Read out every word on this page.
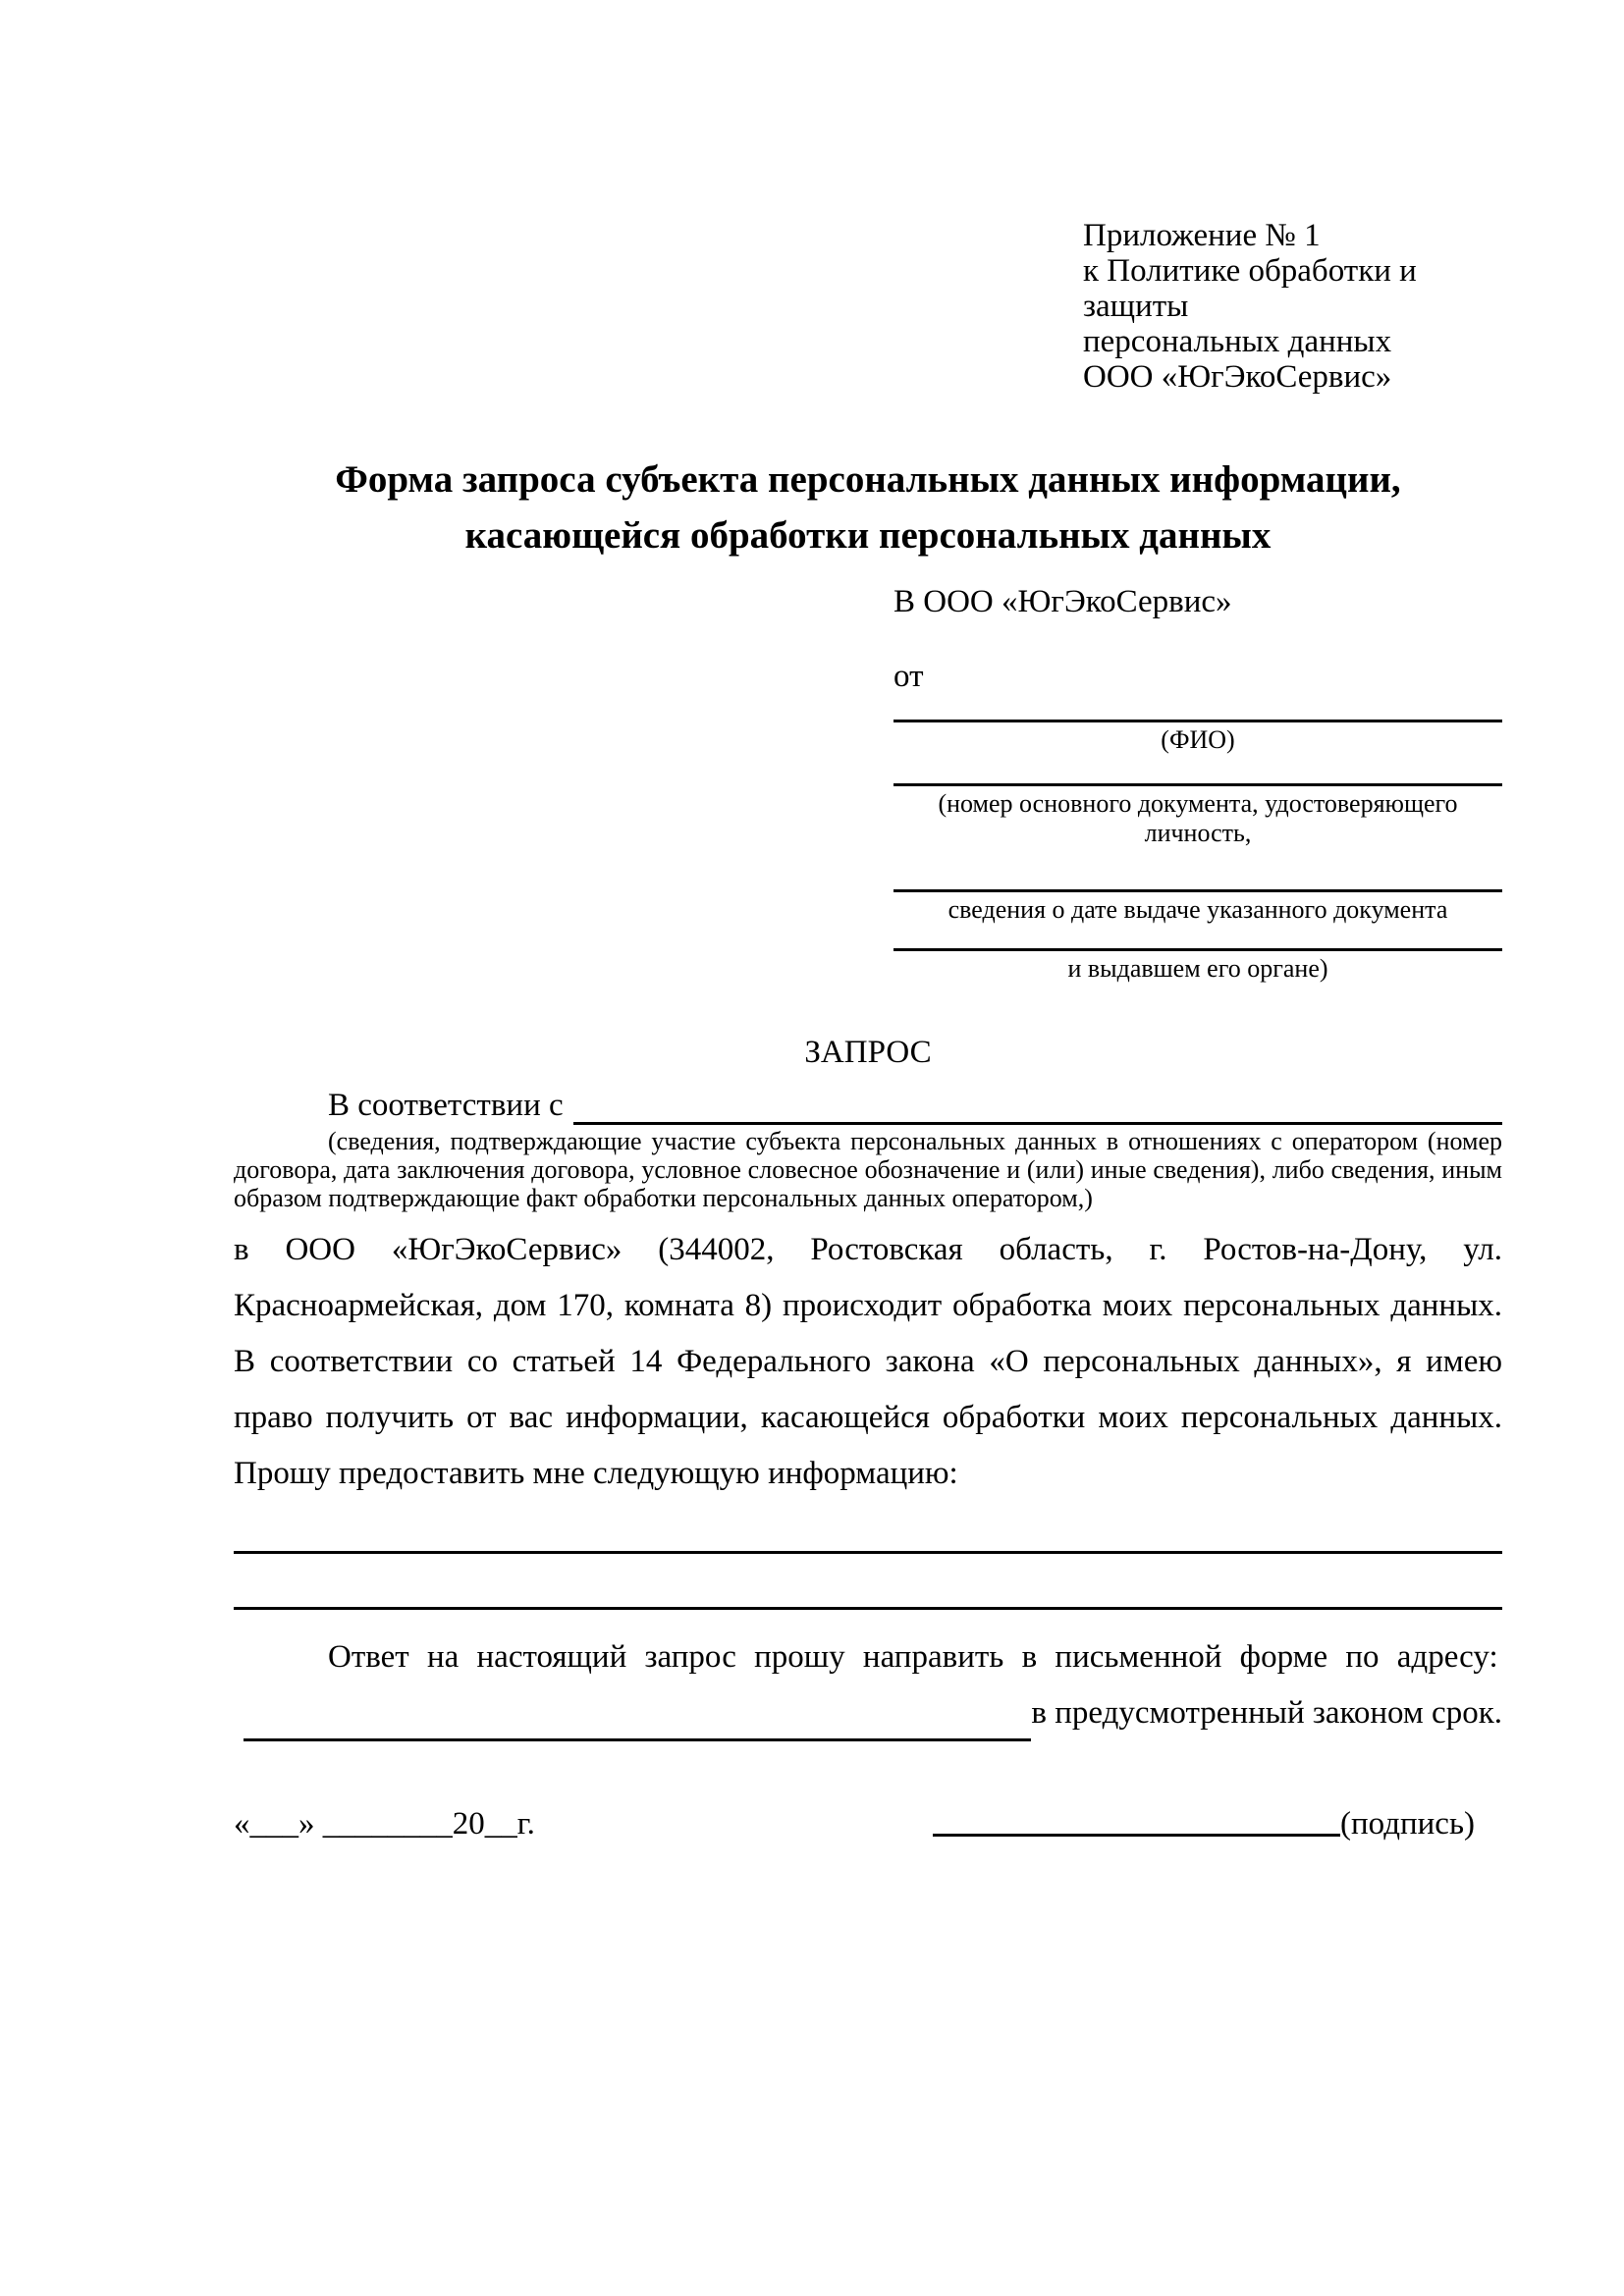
Приложение № 1
к Политике обработки и защиты
персональных данных
ООО «ЮгЭкоСервис»
Форма запроса субъекта персональных данных информации,
касающейся обработки персональных данных
В ООО «ЮгЭкоСервис»
от
(ФИО)
(номер основного документа, удостоверяющего личность,
сведения о дате выдаче указанного документа
и выдавшем его органе)
ЗАПРОС
В соответствии с

(сведения, подтверждающие участие субъекта персональных данных в отношениях с оператором (номер договора, дата заключения договора, условное словесное обозначение и (или) иные сведения), либо сведения, иным образом подтверждающие факт обработки персональных данных оператором,)

в ООО «ЮгЭкоСервис» (344002, Ростовская область, г. Ростов-на-Дону, ул. Красноармейская, дом 170, комната 8) происходит обработка моих персональных данных. В соответствии со статьей 14 Федерального закона «О персональных данных», я имею право получить от вас информации, касающейся обработки моих персональных данных. Прошу предоставить мне следующую информацию:

Ответ на настоящий запрос прошу направить в письменной форме по адресу:

в предусмотренный законом срок.
«___» ________20__г.	(подпись)
